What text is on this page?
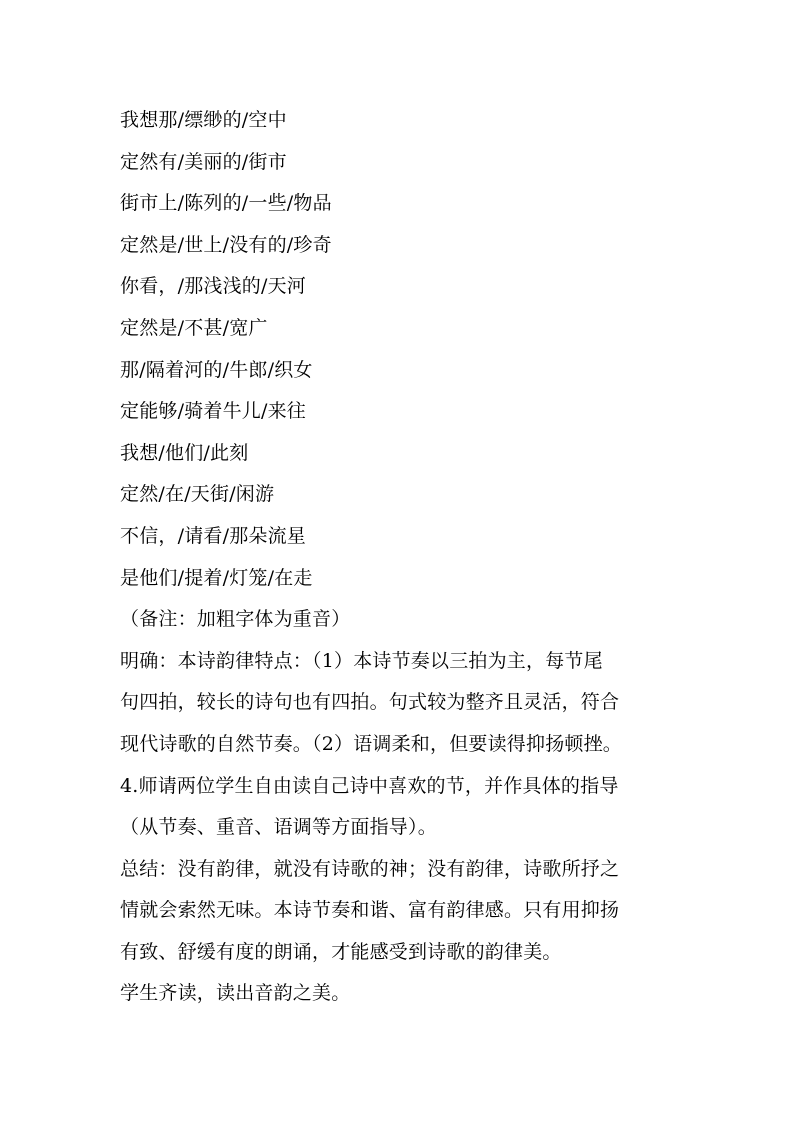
我想那/缥缈的/空中
定然有/美丽的/街市
街市上/陈列的/一些/物品
定然是/世上/没有的/珍奇
你看，/那浅浅的/天河
定然是/不甚/宽广
那/隔着河的/牛郎/织女
定能够/骑着牛儿/来往
我想/他们/此刻
定然/在/天街/闲游
不信，/请看/那朵流星
是他们/提着/灯笼/在走
（备注：加粗字体为重音）
明确：本诗韵律特点：（1）本诗节奏以三拍为主，每节尾
句四拍，较长的诗句也有四拍。句式较为整齐且灵活，符合
现代诗歌的自然节奏。（2）语调柔和，但要读得抑扬顿挫。
4.师请两位学生自由读自己诗中喜欢的节，并作具体的指导
（从节奏、重音、语调等方面指导）。
总结：没有韵律，就没有诗歌的神；没有韵律，诗歌所抒之
情就会索然无味。本诗节奏和谐、富有韵律感。只有用抑扬
有致、舒缓有度的朗诵，才能感受到诗歌的韵律美。
学生齐读，读出音韵之美。
